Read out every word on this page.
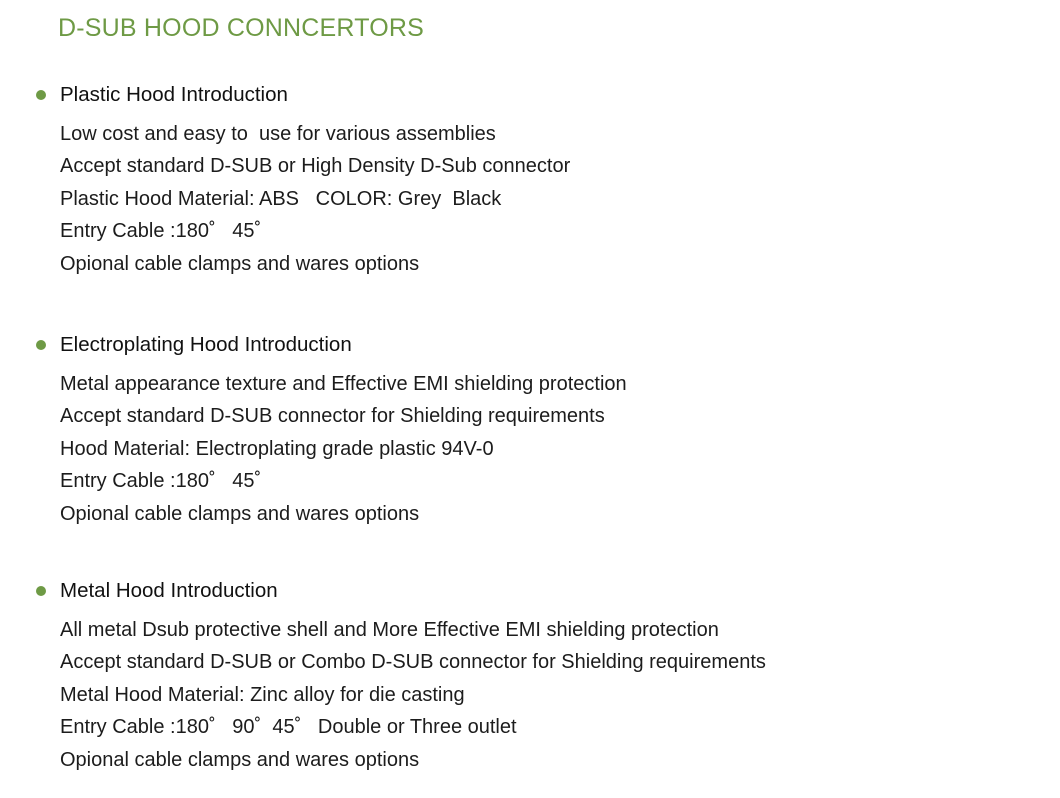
D-SUB HOOD CONNCERTORS
Plastic Hood Introduction
Low cost and easy to  use for various assemblies
Accept standard D-SUB or High Density D-Sub connector
Plastic Hood Material: ABS   COLOR: Grey  Black
Entry Cable :180˚   45˚
Opional cable clamps and wares options
Electroplating Hood Introduction
Metal appearance texture and Effective EMI shielding protection
Accept standard D-SUB connector for Shielding requirements
Hood Material: Electroplating grade plastic 94V-0
Entry Cable :180˚   45˚
Opional cable clamps and wares options
Metal Hood Introduction
All metal Dsub protective shell and More Effective EMI shielding protection
Accept standard D-SUB or Combo D-SUB connector for Shielding requirements
Metal Hood Material: Zinc alloy for die casting
Entry Cable :180˚   90˚  45˚   Double or Three outlet
Opional cable clamps and wares options
